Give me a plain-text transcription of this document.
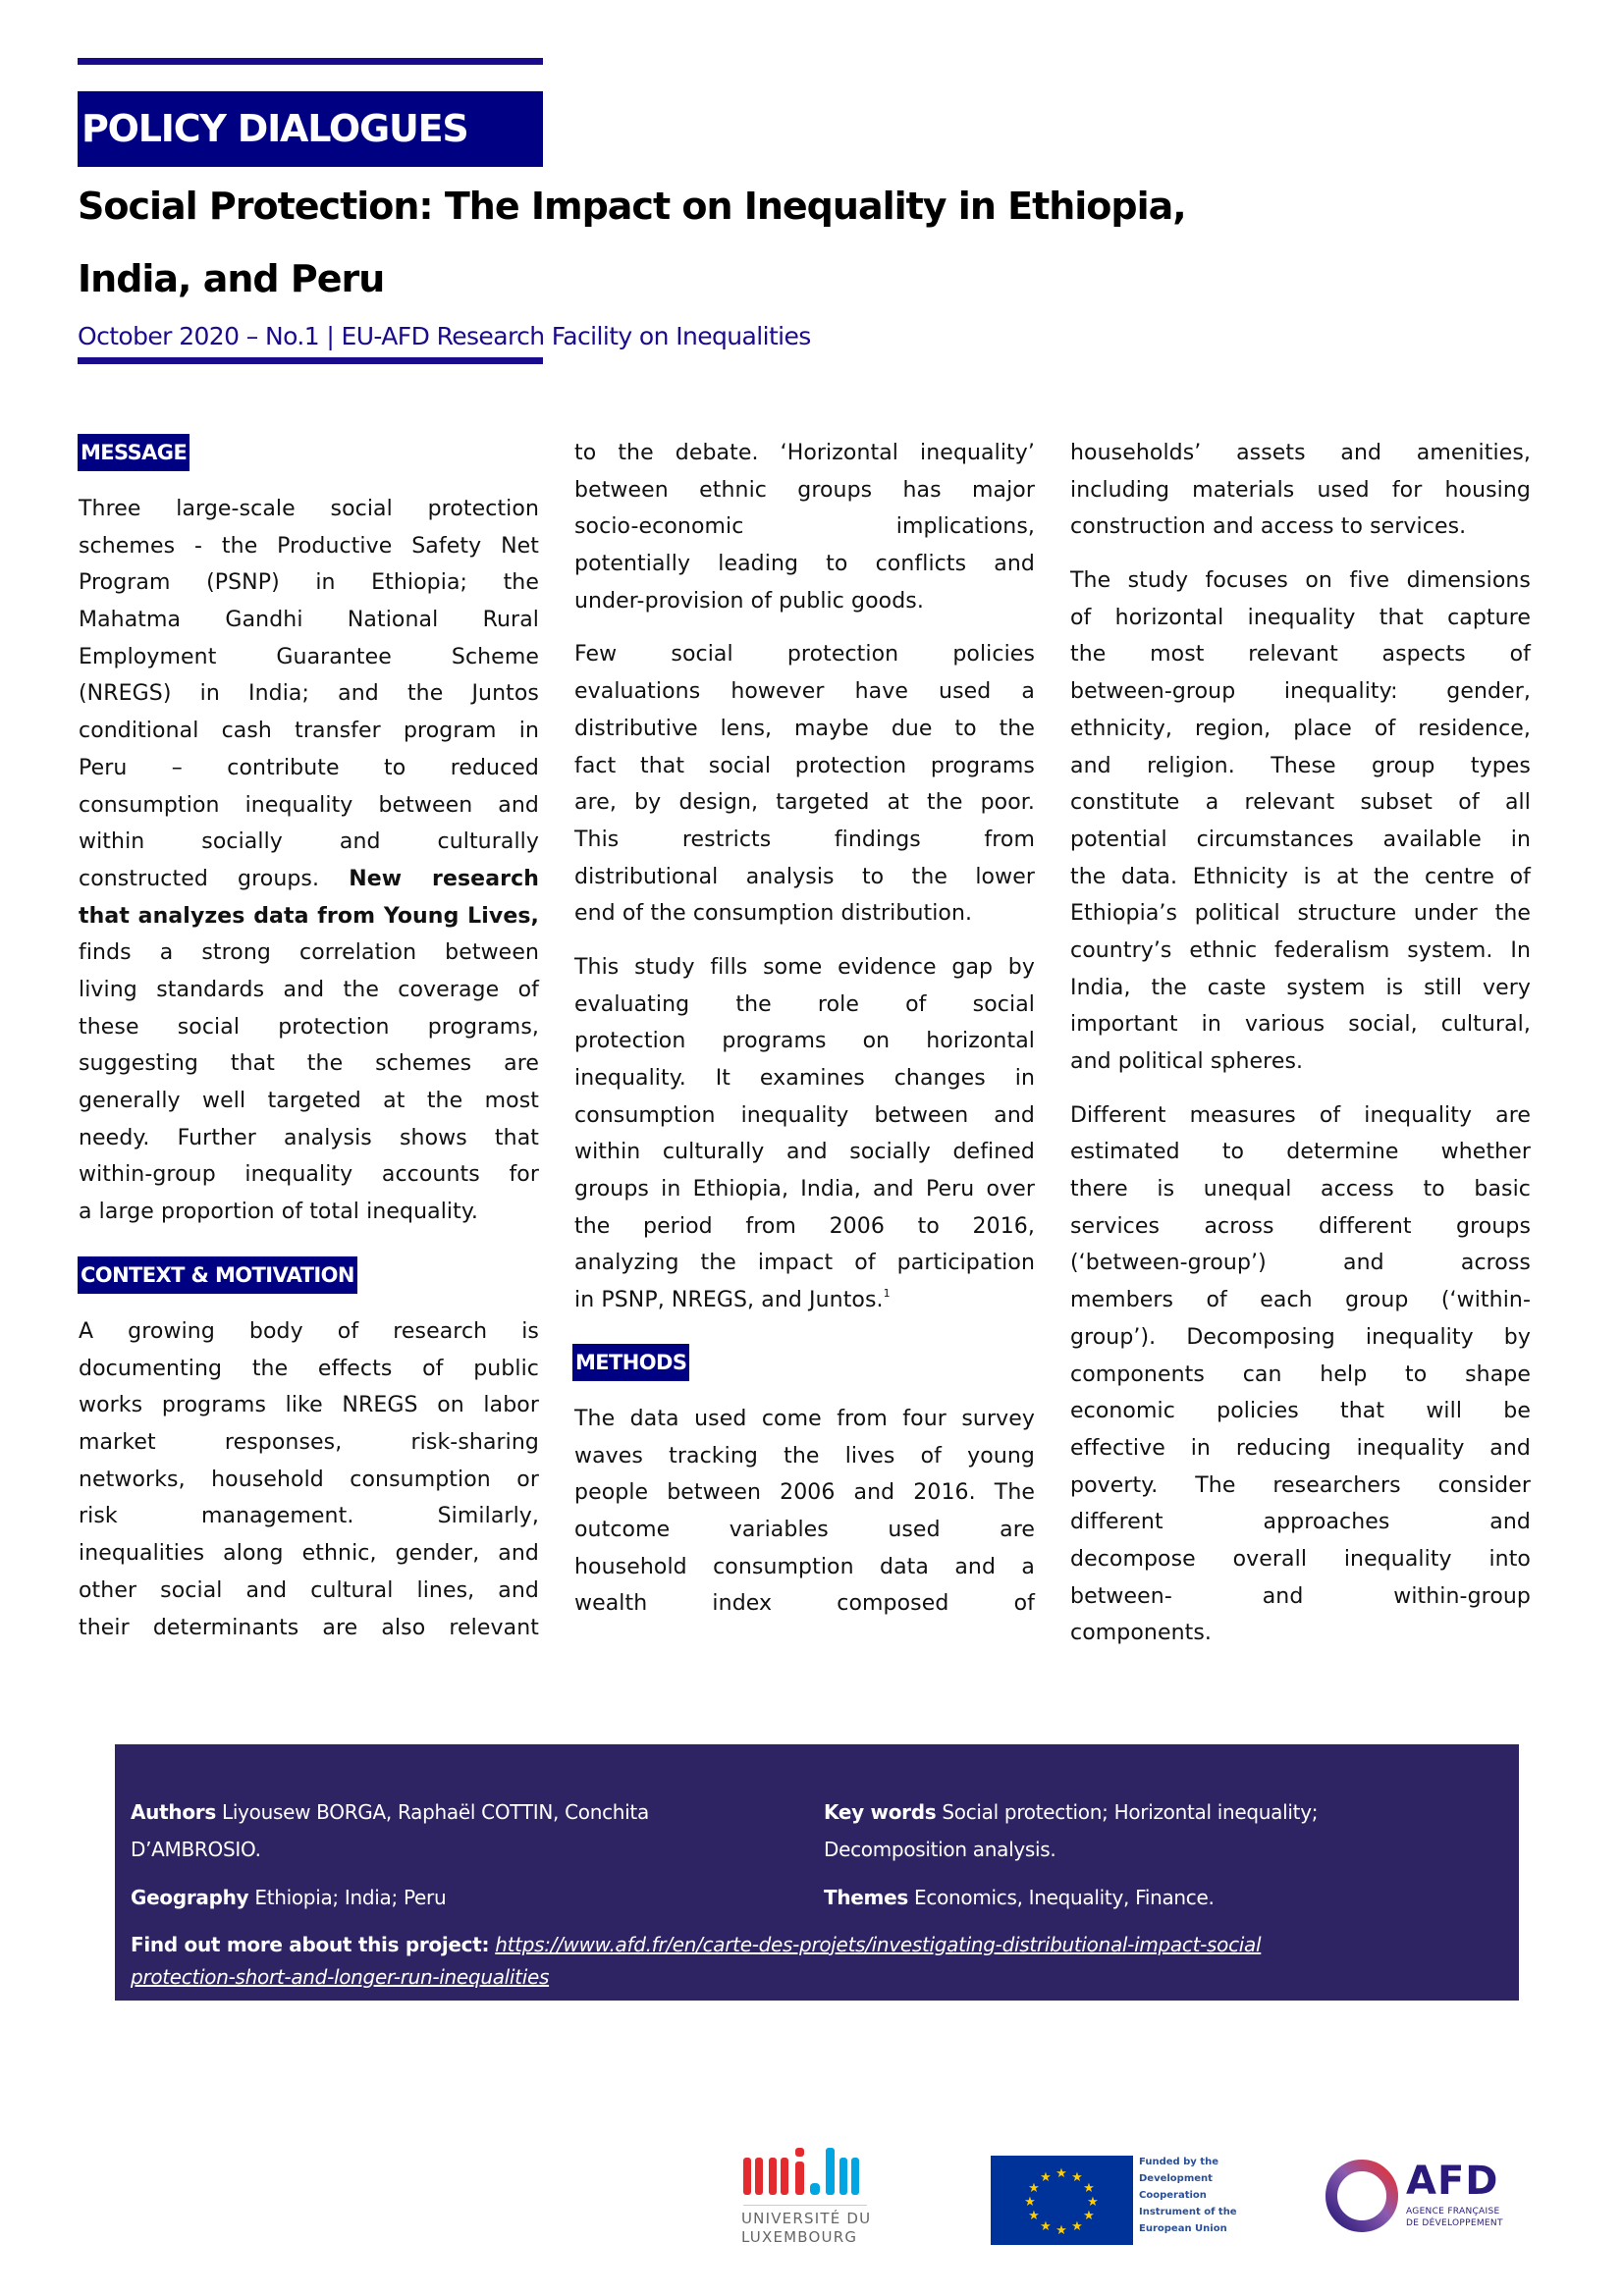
POLICY DIALOGUES
Social Protection: The Impact on Inequality in Ethiopia,
India, and Peru
October 2020 – No.1 | EU-AFD Research Facility on Inequalities
MESSAGE
Three large-scale social protection
schemes - the Productive Safety Net
Program (PSNP) in Ethiopia; the
Mahatma Gandhi National Rural
Employment Guarantee Scheme
(NREGS) in India; and the Juntos
conditional cash transfer program in
Peru – contribute to reduced
consumption inequality between and
within socially and culturally
constructed groups. New research
that analyzes data from Young Lives,
finds a strong correlation between
living standards and the coverage of
these social protection programs,
suggesting that the schemes are
generally well targeted at the most
needy. Further analysis shows that
within-group inequality accounts for
a large proportion of total inequality.
CONTEXT & MOTIVATION
A growing body of research is
documenting the effects of public
works programs like NREGS on labor
market responses, risk-sharing
networks, household consumption or
risk management. Similarly,
inequalities along ethnic, gender, and
other social and cultural lines, and
their determinants are also relevant
to the debate. ‘Horizontal inequality’
between ethnic groups has major
socio-economic implications,
potentially leading to conflicts and
under-provision of public goods.
Few social protection policies
evaluations however have used a
distributive lens, maybe due to the
fact that social protection programs
are, by design, targeted at the poor.
This restricts findings from
distributional analysis to the lower
end of the consumption distribution.
This study fills some evidence gap by
evaluating the role of social
protection programs on horizontal
inequality. It examines changes in
consumption inequality between and
within culturally and socially defined
groups in Ethiopia, India, and Peru over
the period from 2006 to 2016,
analyzing the impact of participation
in PSNP, NREGS, and Juntos.$^1$
METHODS
The data used come from four survey
waves tracking the lives of young
people between 2006 and 2016. The
outcome variables used are
household consumption data and a
wealth index composed of
households’ assets and amenities,
including materials used for housing
construction and access to services.
The study focuses on five dimensions
of horizontal inequality that capture
the most relevant aspects of
between-group inequality: gender,
ethnicity, region, place of residence,
and religion. These group types
constitute a relevant subset of all
potential circumstances available in
the data. Ethnicity is at the centre of
Ethiopia’s political structure under the
country’s ethnic federalism system. In
India, the caste system is still very
important in various social, cultural,
and political spheres.
Different measures of inequality are
estimated to determine whether
there is unequal access to basic
services across different groups
(‘between-group’) and across
members of each group (‘within-
group’). Decomposing inequality by
components can help to shape
economic policies that will be
effective in reducing inequality and
poverty. The researchers consider
different approaches and
decompose overall inequality into
between- and within-group
components.
Authors Liyousew BORGA, Raphaël COTTIN, Conchita
D’AMBROSIO.
Geography Ethiopia; India; Peru
Key words Social protection; Horizontal inequality;
Decomposition analysis.
Themes Economics, Inequality, Finance.
Find out more about this project: https://www.afd.fr/en/carte-des-projets/investigating-distributional-impact-social
protection-short-and-longer-run-inequalities
UNIVERSITÉ DU
LUXEMBOURG
★ ★
★
★
★
★
★
★
★
★
★
★
Funded by the
Development
Cooperation
Instrument of the
European Union
AFD
AGENCE FRANÇAISE
DE DÉVELOPPEMENT
